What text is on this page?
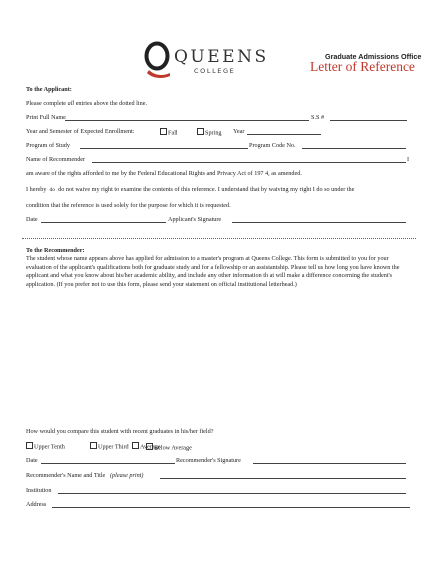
QUEENS
COLLEGE
Graduate Admissions Office
Letter of Reference
To the Applicant:
Please complete all entries above the dotted line.
Print Full Name	S.S #
Year and Semester of Expected Enrollment:	Fall	Spring Year
Program of Study	Program Code No.
Name of Recommender	I
am aware of the rights afforded to me by the Federal Educational Rights and Privacy Act of 197 4, as amended.
I hereby do do not waive my right to examine the contents of this reference. I understand that by waiving my right I do so under the
condition that the reference is used solely for the purpose for which it is requested.
Date	Applicant's Signature
To the Recommender:
The student whose name appears above has applied for admission to a master's program at Queens College. This form is submitted to you for your evaluation of the applicant's qualifications both for graduate study and for a fellowship or an assistantship. Please tell us how long you have known the applicant and what you know about his/her academic ability, and include any other information th at will make a difference concerning the student's application. (If you prefer not to use this form, please send your statement on official institutional letterhead.)
How would you compare this student with recent graduates in his/her field?
Upper Tenth	Upper Third	Average
Below Average
Date	Recommender's Signature
Recommender's Name and Title (please print)
Institution
Address
